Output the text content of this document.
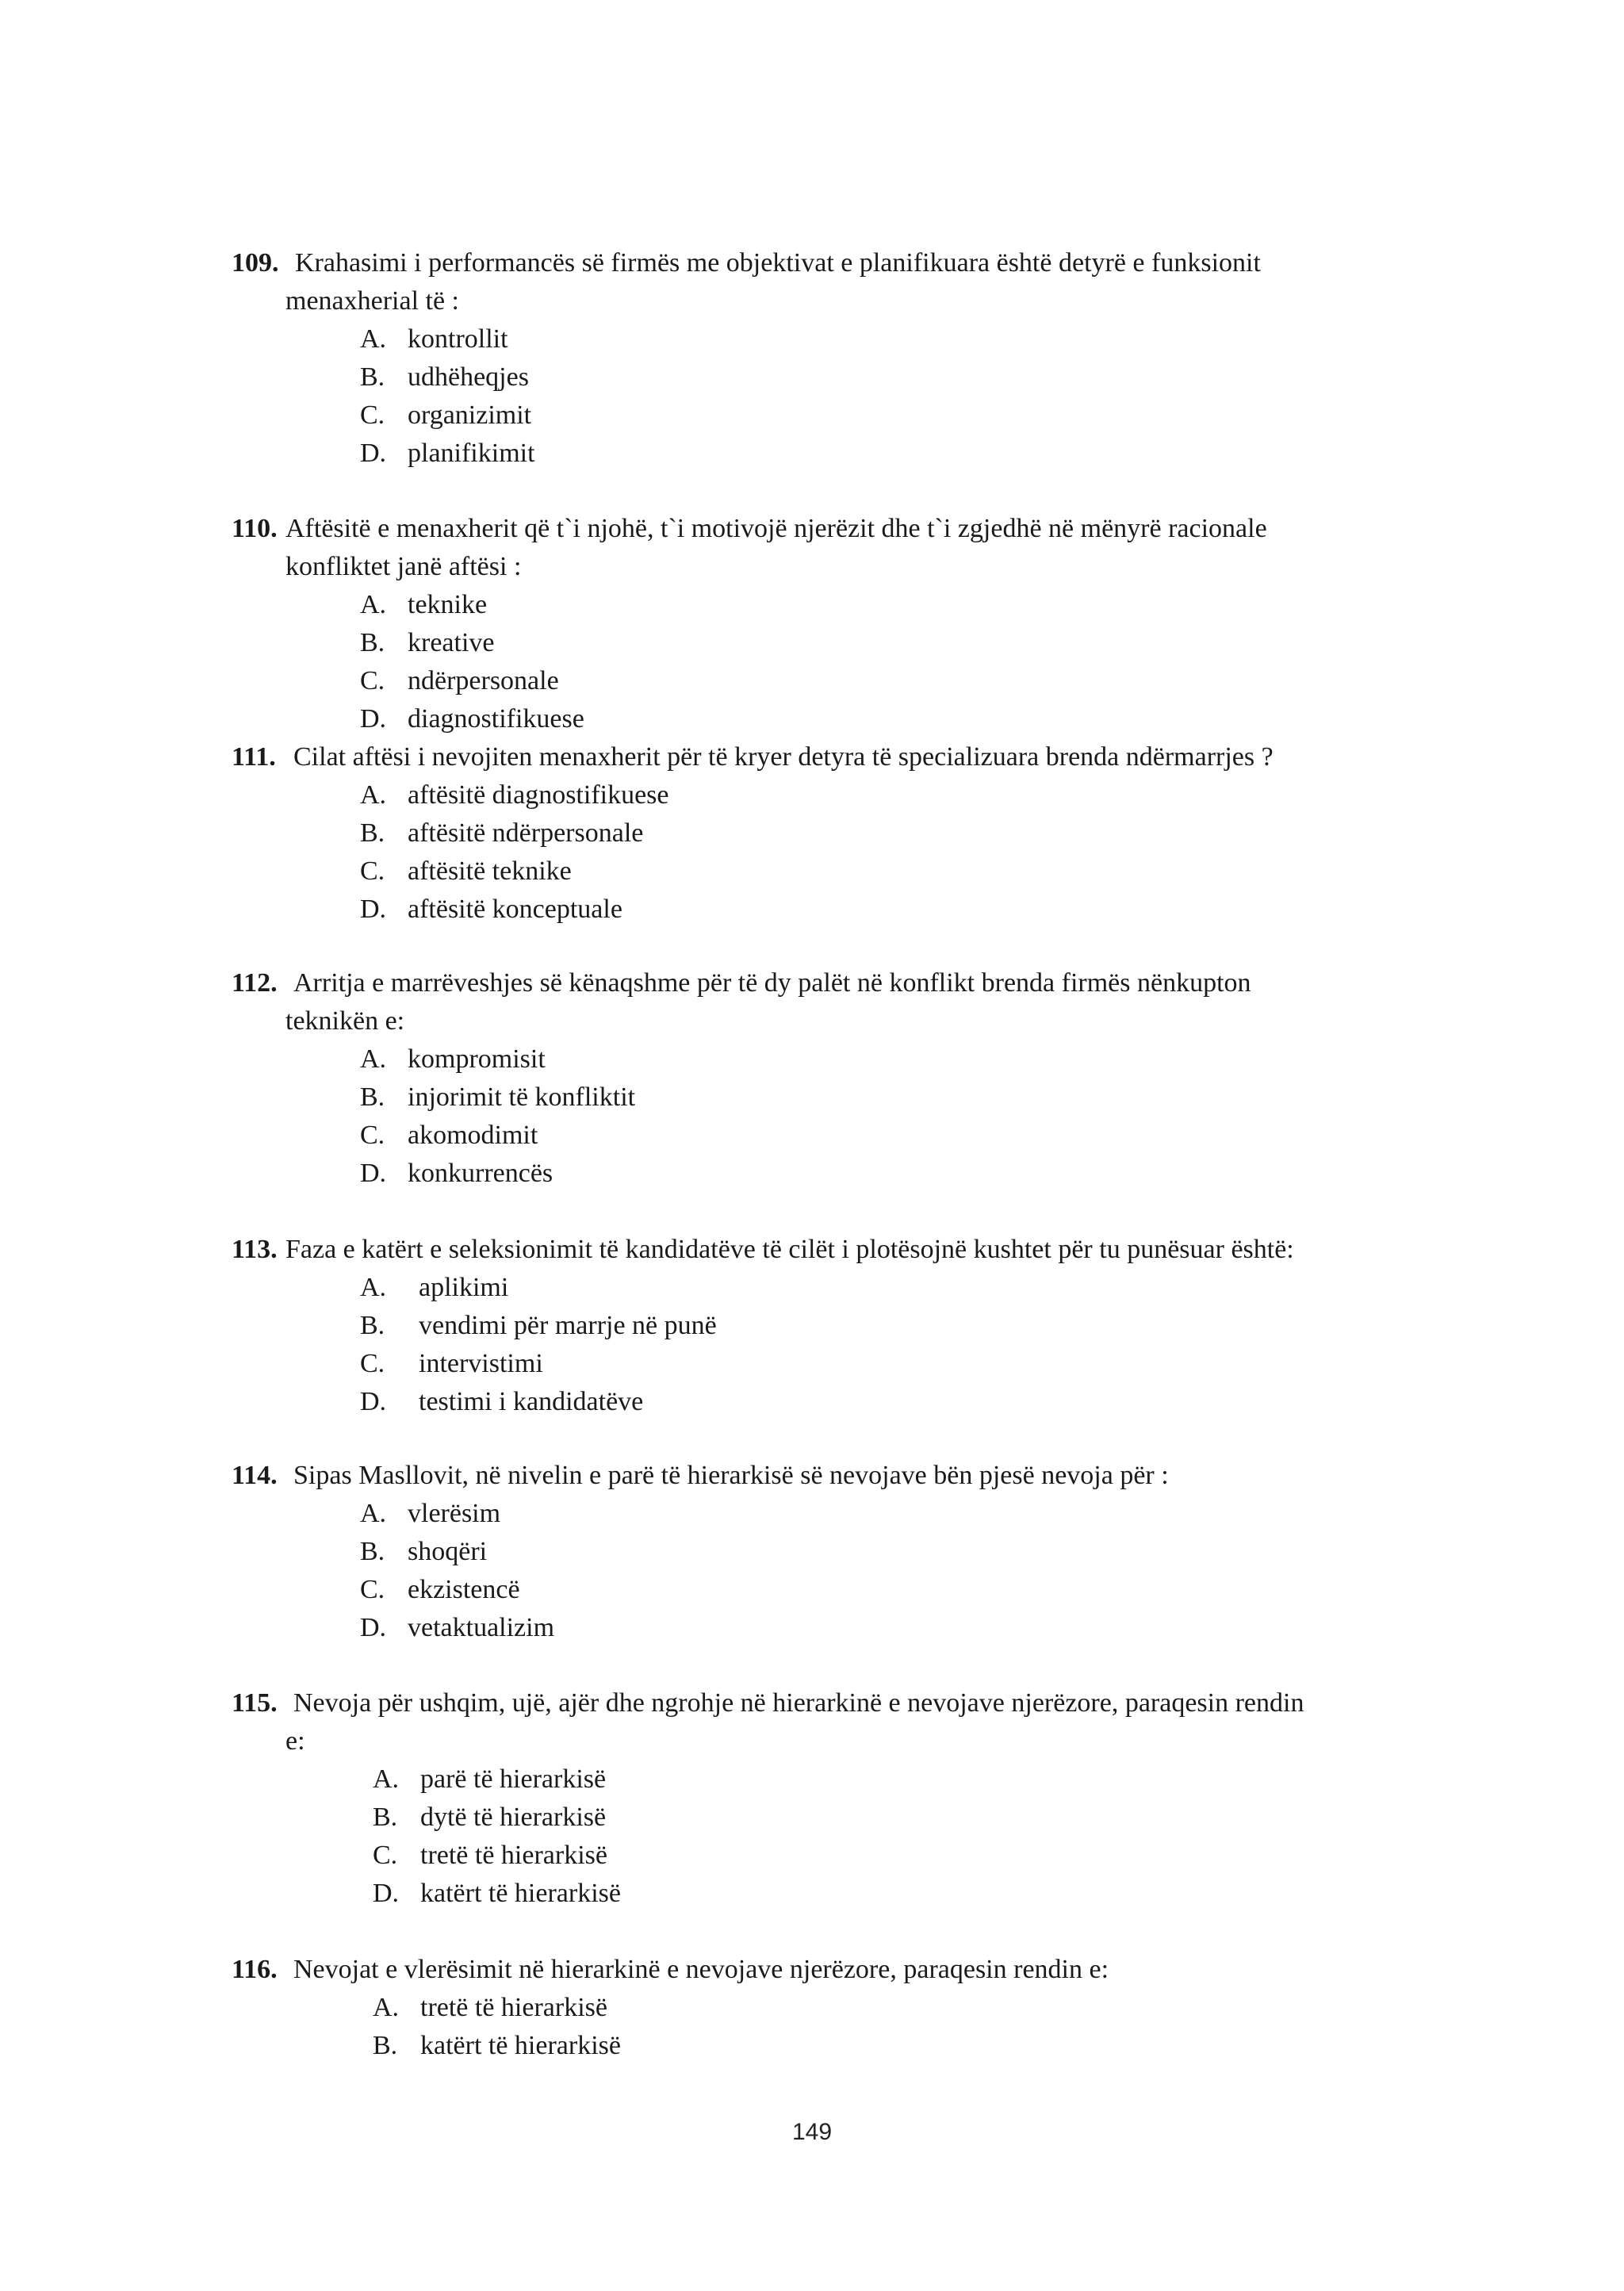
109. Krahasimi i performancës së firmës me objektivat e planifikuara është detyrë e funksionit
menaxherial të :
A. kontrollit
B. udhëheqjes
C. organizimit
D. planifikimit
110. Aftësitë e menaxherit që t`i njohë, t`i motivojë njerëzit dhe t`i zgjedhë në mënyrë racionale
konfliktet janë aftësi :
A. teknike
B. kreative
C. ndërpersonale
D. diagnostifikuese
111. Cilat aftësi i nevojiten menaxherit për të kryer detyra të specializuara brenda ndërmarrjes ?
A. aftësitë diagnostifikuese
B. aftësitë ndërpersonale
C. aftësitë teknike
D. aftësitë konceptuale
112. Arritja e marrëveshjes së kënaqshme për të dy palët në konflikt brenda firmës nënkupton
teknikën e:
A. kompromisit
B. injorimit të konfliktit
C. akomodimit
D. konkurrencës
113. Faza e katërt e seleksionimit të kandidatëve të cilët i plotësojnë kushtet për tu punësuar është:
A.	aplikimi
B.	vendimi për marrje në punë
C.	intervistimi
D.	testimi i kandidatëve
114. Sipas Masllovit, në nivelin e parë të hierarkisë së nevojave bën pjesë nevoja për :
A. vlerësim
B. shoqëri
C. ekzistencë
D. vetaktualizim
115. Nevoja për ushqim, ujë, ajër dhe ngrohje në hierarkinë e nevojave njerëzore, paraqesin rendin
e:
A. parë të hierarkisë
B. dytë të hierarkisë
C. tretë të hierarkisë
D. katërt të hierarkisë
116. Nevojat e vlerësimit në hierarkinë e nevojave njerëzore, paraqesin rendin e:
A. tretë të hierarkisë
B. katërt të hierarkisë
149
